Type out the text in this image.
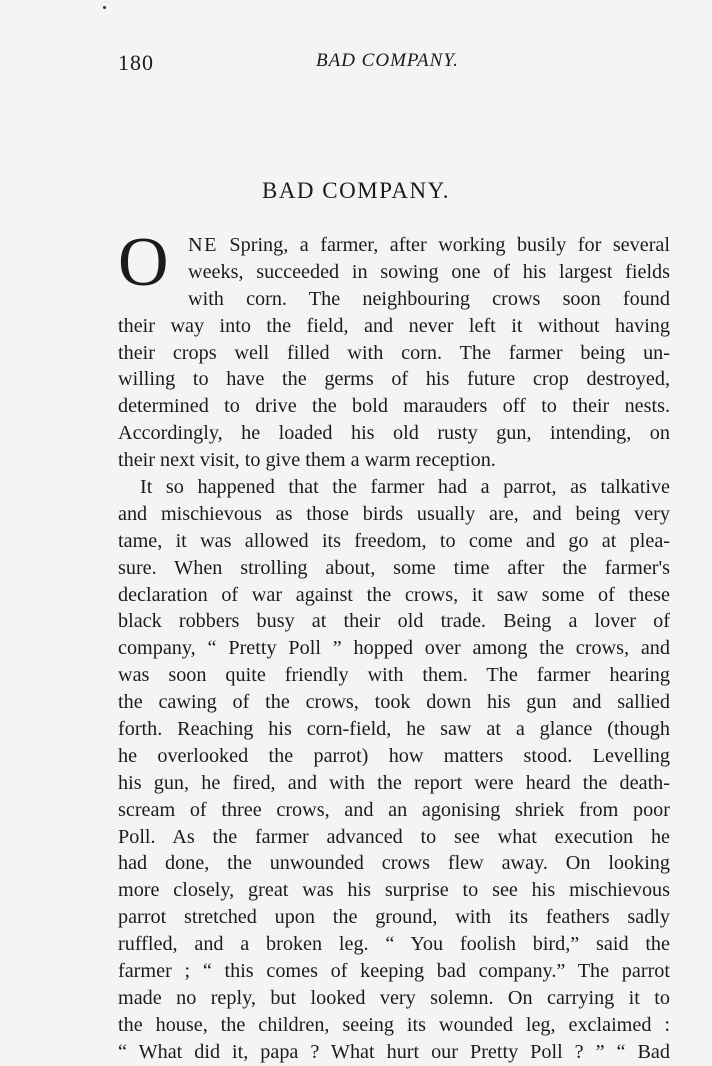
180	BAD COMPANY.
BAD COMPANY.
O NE Spring, a farmer, after working busily for several
weeks, succeeded in sowing one of his largest fields
with corn. The neighbouring crows soon found
their way into the field, and never left it without having
their crops well filled with corn. The farmer being un-
willing to have the germs of his future crop destroyed,
determined to drive the bold marauders off to their nests.
Accordingly, he loaded his old rusty gun, intending, on
their next visit, to give them a warm reception.
It so happened that the farmer had a parrot, as talkative
and mischievous as those birds usually are, and being very
tame, it was allowed its freedom, to come and go at plea-
sure. When strolling about, some time after the farmer's
declaration of war against the crows, it saw some of these
black robbers busy at their old trade. Being a lover of
company, “ Pretty Poll ” hopped over among the crows, and
was soon quite friendly with them. The farmer hearing
the cawing of the crows, took down his gun and sallied
forth. Reaching his corn-field, he saw at a glance (though
he overlooked the parrot) how matters stood. Levelling
his gun, he fired, and with the report were heard the death-
scream of three crows, and an agonising shriek from poor
Poll. As the farmer advanced to see what execution he
had done, the unwounded crows flew away. On looking
more closely, great was his surprise to see his mischievous
parrot stretched upon the ground, with its feathers sadly
ruffled, and a broken leg. “ You foolish bird,” said the
farmer ; “ this comes of keeping bad company.” The parrot
made no reply, but looked very solemn. On carrying it to
the house, the children, seeing its wounded leg, exclaimed :
“ What did it, papa ? What hurt our Pretty Poll ? ” “ Bad
